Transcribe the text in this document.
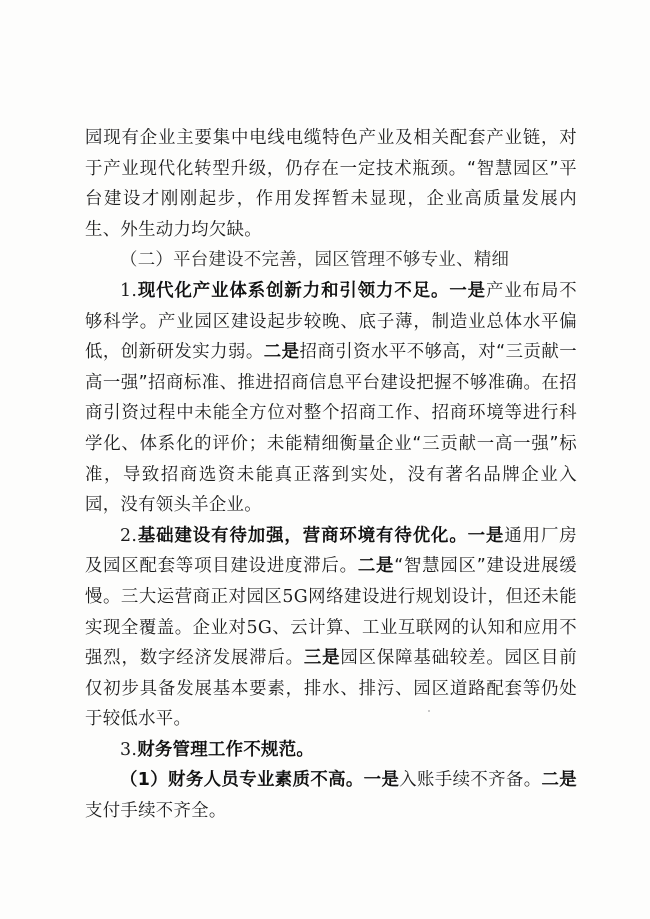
园现有企业主要集中电线电缆特色产业及相关配套产业链，对于产业现代化转型升级，仍存在一定技术瓶颈。“智慧园区”平台建设才刚刚起步，作用发挥暂未显现，企业高质量发展内生、外生动力均欠缺。

（二）平台建设不完善，园区管理不够专业、精细

1.现代化产业体系创新力和引领力不足。一是产业布局不够科学。产业园区建设起步较晚、底子薄，制造业总体水平偏低，创新研发实力弱。二是招商引资水平不够高，对“三贡献一高一强”招商标准、推进招商信息平台建设把握不够准确。在招商引资过程中未能全方位对整个招商工作、招商环境等进行科学化、体系化的评价；未能精细衡量企业“三贡献一高一强”标准，导致招商选资未能真正落到实处，没有著名品牌企业入园，没有领头羊企业。

2.基础建设有待加强，营商环境有待优化。一是通用厂房及园区配套等项目建设进度滞后。二是“智慧园区”建设进展缓慢。三大运营商正对园区5G网络建设进行规划设计，但还未能实现全覆盖。企业对5G、云计算、工业互联网的认知和应用不强烈，数字经济发展滞后。三是园区保障基础较差。园区目前仅初步具备发展基本要素，排水、排污、园区道路配套等仍处于较低水平。

3.财务管理工作不规范。

（1）财务人员专业素质不高。一是入账手续不齐备。二是支付手续不齐全。
